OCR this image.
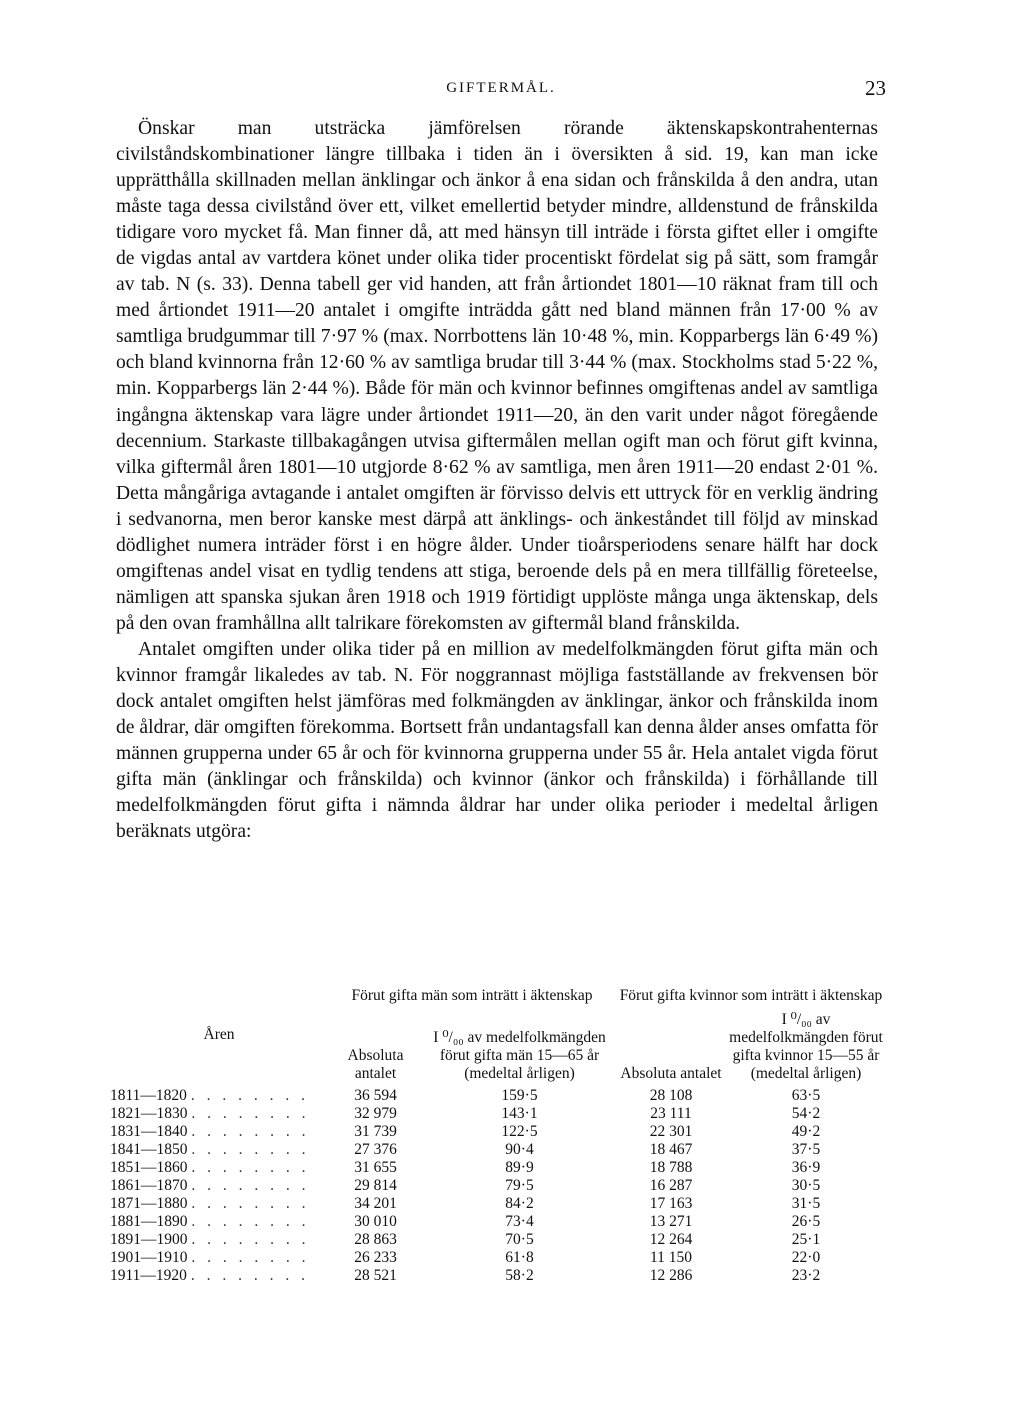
GIFTERMÅL.	23

Önskar man utsträcka jämförelsen rörande äktenskapskontrahenternas civilståndskombinationer längre tillbaka i tiden än i översikten å sid. 19, kan man icke upprätthålla skillnaden mellan änklingar och änkor å ena sidan och frånskilda å den andra, utan måste taga dessa civilstånd över ett, vilket emellertid betyder mindre, alldenstund de frånskilda tidigare voro mycket få. Man finner då, att med hänsyn till inträde i första giftet eller i omgifte de vigdas antal av vartdera könet under olika tider procentiskt fördelat sig på sätt, som framgår av tab. N (s. 33). Denna tabell ger vid handen, att från årtiondet 1801—10 räknat fram till och med årtiondet 1911—20 antalet i omgifte inträdda gått ned bland männen från 17·00 % av samtliga brudgummar till 7·97 % (max. Norrbottens län 10·48 %, min. Kopparbergs län 6·49 %) och bland kvinnorna från 12·60 % av samtliga brudar till 3·44 % (max. Stockholms stad 5·22 %, min. Kopparbergs län 2·44 %). Både för män och kvinnor befinnes omgiftenas andel av samtliga ingångna äktenskap vara lägre under årtiondet 1911—20, än den varit under något föregående decennium. Starkaste tillbakagången utvisa giftermålen mellan ogift man och förut gift kvinna, vilka giftermål åren 1801—10 utgjorde 8·62 % av samtliga, men åren 1911—20 endast 2·01 %. Detta mångåriga avtagande i antalet omgiften är förvisso delvis ett uttryck för en verklig ändring i sedvanorna, men beror kanske mest därpå att änklings- och änkeståndet till följd av minskad dödlighet numera inträder först i en högre ålder. Under tioårsperiodens senare hälft har dock omgiftenas andel visat en tydlig tendens att stiga, beroende dels på en mera tillfällig företeelse, nämligen att spanska sjukan åren 1918 och 1919 förtidigt upplöste många unga äktenskap, dels på den ovan framhållna allt talrikare förekomsten av giftermål bland frånskilda.

Antalet omgiften under olika tider på en million av medelfolkmängden förut gifta män och kvinnor framgår likaledes av tab. N. För noggrannast möjliga fastställande av frekvensen bör dock antalet omgiften helst jämföras med folkmängden av änklingar, änkor och frånskilda inom de åldrar, där omgiften förekomma. Bortsett från undantagsfall kan denna ålder anses omfatta för männen grupperna under 65 år och för kvinnorna grupperna under 55 år. Hela antalet vigda förut gifta män (änklingar och frånskilda) och kvinnor (änkor och frånskilda) i förhållande till medelfolkmängden förut gifta i nämnda åldrar har under olika perioder i medeltal årligen beräknats utgöra:

Åren	Förut gifta män som inträtt i äktenskap		Förut gifta kvinnor som inträtt i äktenskap	
	Absoluta antalet	I ⁰/₀₀ av medelfolkmängden förut gifta män 15—65 år (medeltal årligen)	Absoluta antalet	I ⁰/₀₀ av medelfolkmängden förut gifta kvinnor 15—55 år (medeltal årligen)
1811—1820 . . . . . . . .	36 594	159·5	28 108	63·5
1821—1830 . . . . . . . .	32 979	143·1	23 111	54·2
1831—1840 . . . . . . . .	31 739	122·5	22 301	49·2
1841—1850 . . . . . . . .	27 376	90·4	18 467	37·5
1851—1860 . . . . . . . .	31 655	89·9	18 788	36·9
1861—1870 . . . . . . . .	29 814	79·5	16 287	30·5
1871—1880 . . . . . . . .	34 201	84·2	17 163	31·5
1881—1890 . . . . . . . .	30 010	73·4	13 271	26·5
1891—1900 . . . . . . . .	28 863	70·5	12 264	25·1
1901—1910 . . . . . . . .	26 233	61·8	11 150	22·0
1911—1920 . . . . . . . .	28 521	58·2	12 286	23·2
